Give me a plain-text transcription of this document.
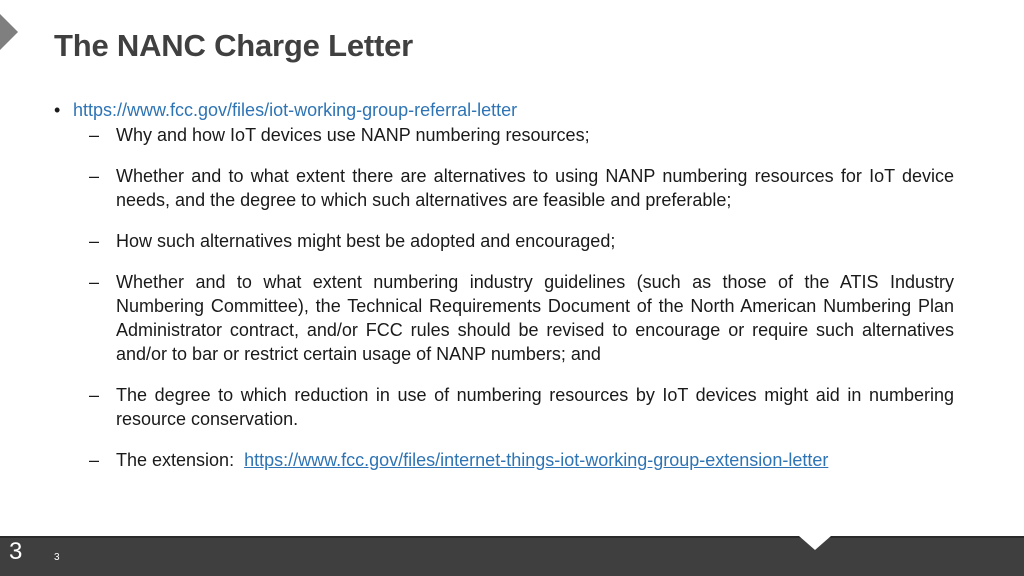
The NANC Charge Letter
• https://www.fcc.gov/files/iot-working-group-referral-letter
– Why and how IoT devices use NANP numbering resources;
– Whether and to what extent there are alternatives to using NANP numbering resources for IoT device needs, and the degree to which such alternatives are feasible and preferable;
– How such alternatives might best be adopted and encouraged;
– Whether and to what extent numbering industry guidelines (such as those of the ATIS Industry Numbering Committee), the Technical Requirements Document of the North American Numbering Plan Administrator contract, and/or FCC rules should be revised to encourage or require such alternatives and/or to bar or restrict certain usage of NANP numbers; and
– The degree to which reduction in use of numbering resources by IoT devices might aid in numbering resource conservation.
– The extension: https://www.fcc.gov/files/internet-things-iot-working-group-extension-letter
3	3
